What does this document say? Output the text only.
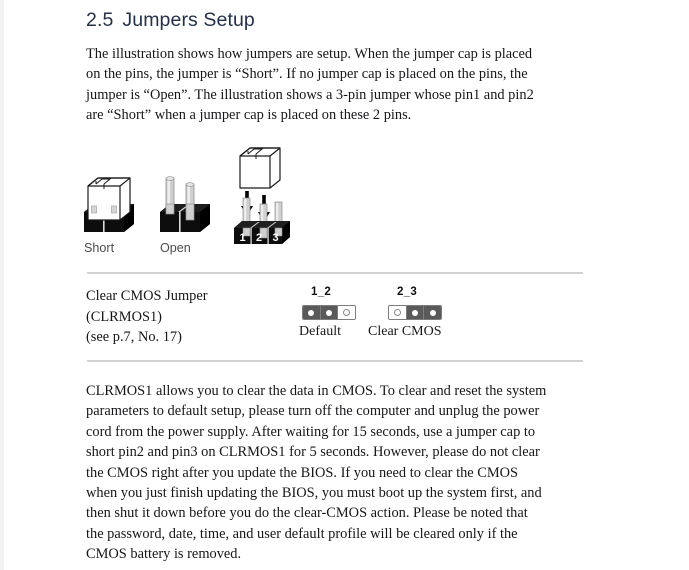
2.5 Jumpers Setup
The illustration shows how jumpers are setup. When the jumper cap is placed on the pins, the jumper is “Short”. If no jumper cap is placed on the pins, the jumper is “Open”. The illustration shows a 3-pin jumper whose pin1 and pin2 are “Short” when a jumper cap is placed on these 2 pins.
Short	Open
1 2 3
Clear CMOS Jumper
(CLRMOS1)
(see p.7, No. 17)
1_2
Default
2_3
Clear CMOS
CLRMOS1 allows you to clear the data in CMOS. To clear and reset the system parameters to default setup, please turn off the computer and unplug the power cord from the power supply. After waiting for 15 seconds, use a jumper cap to short pin2 and pin3 on CLRMOS1 for 5 seconds. However, please do not clear the CMOS right after you update the BIOS. If you need to clear the CMOS when you just finish updating the BIOS, you must boot up the system first, and then shut it down before you do the clear-CMOS action. Please be noted that the password, date, time, and user default profile will be cleared only if the CMOS battery is removed.
